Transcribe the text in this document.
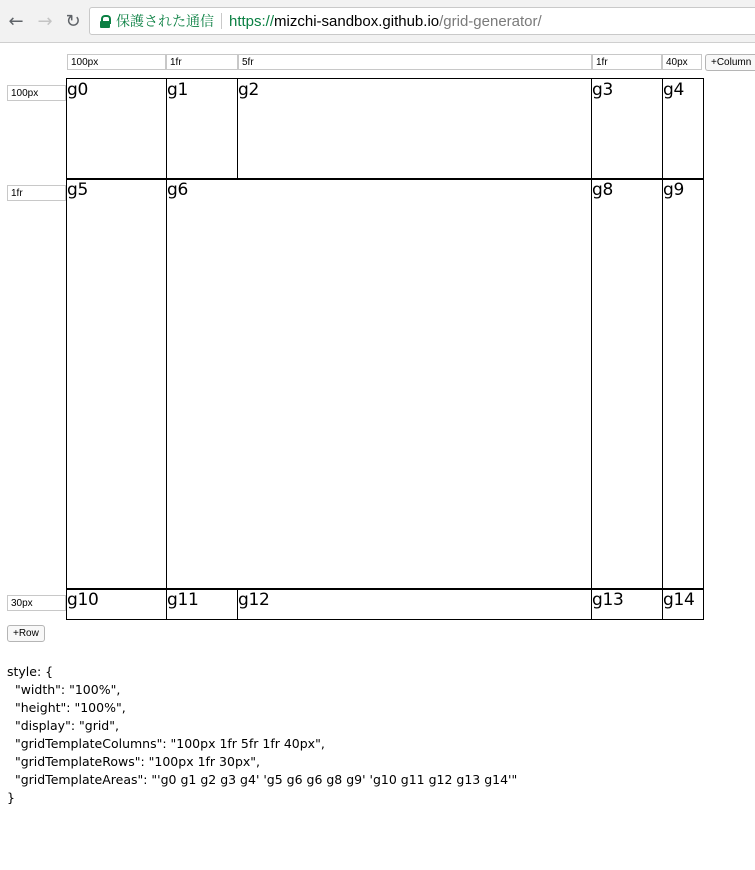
← → ↻	保護された通信 https:// mizchi-sandbox.github.io /grid-generator/
100px
1fr
5fr
1fr
40px
+Column
100px
1fr
30px
g0	g1	g2	g3	g4
g5	g6	g8	g9
g10	g11	g12	g13	g14
+Row
style: {
"width": "100%",
"height": "100%",
"display": "grid",
"gridTemplateColumns": "100px 1fr 5fr 1fr 40px",
"gridTemplateRows": "100px 1fr 30px",
"gridTemplateAreas": "'g0 g1 g2 g3 g4' 'g5 g6 g6 g8 g9' 'g10 g11 g12 g13 g14'"
}
